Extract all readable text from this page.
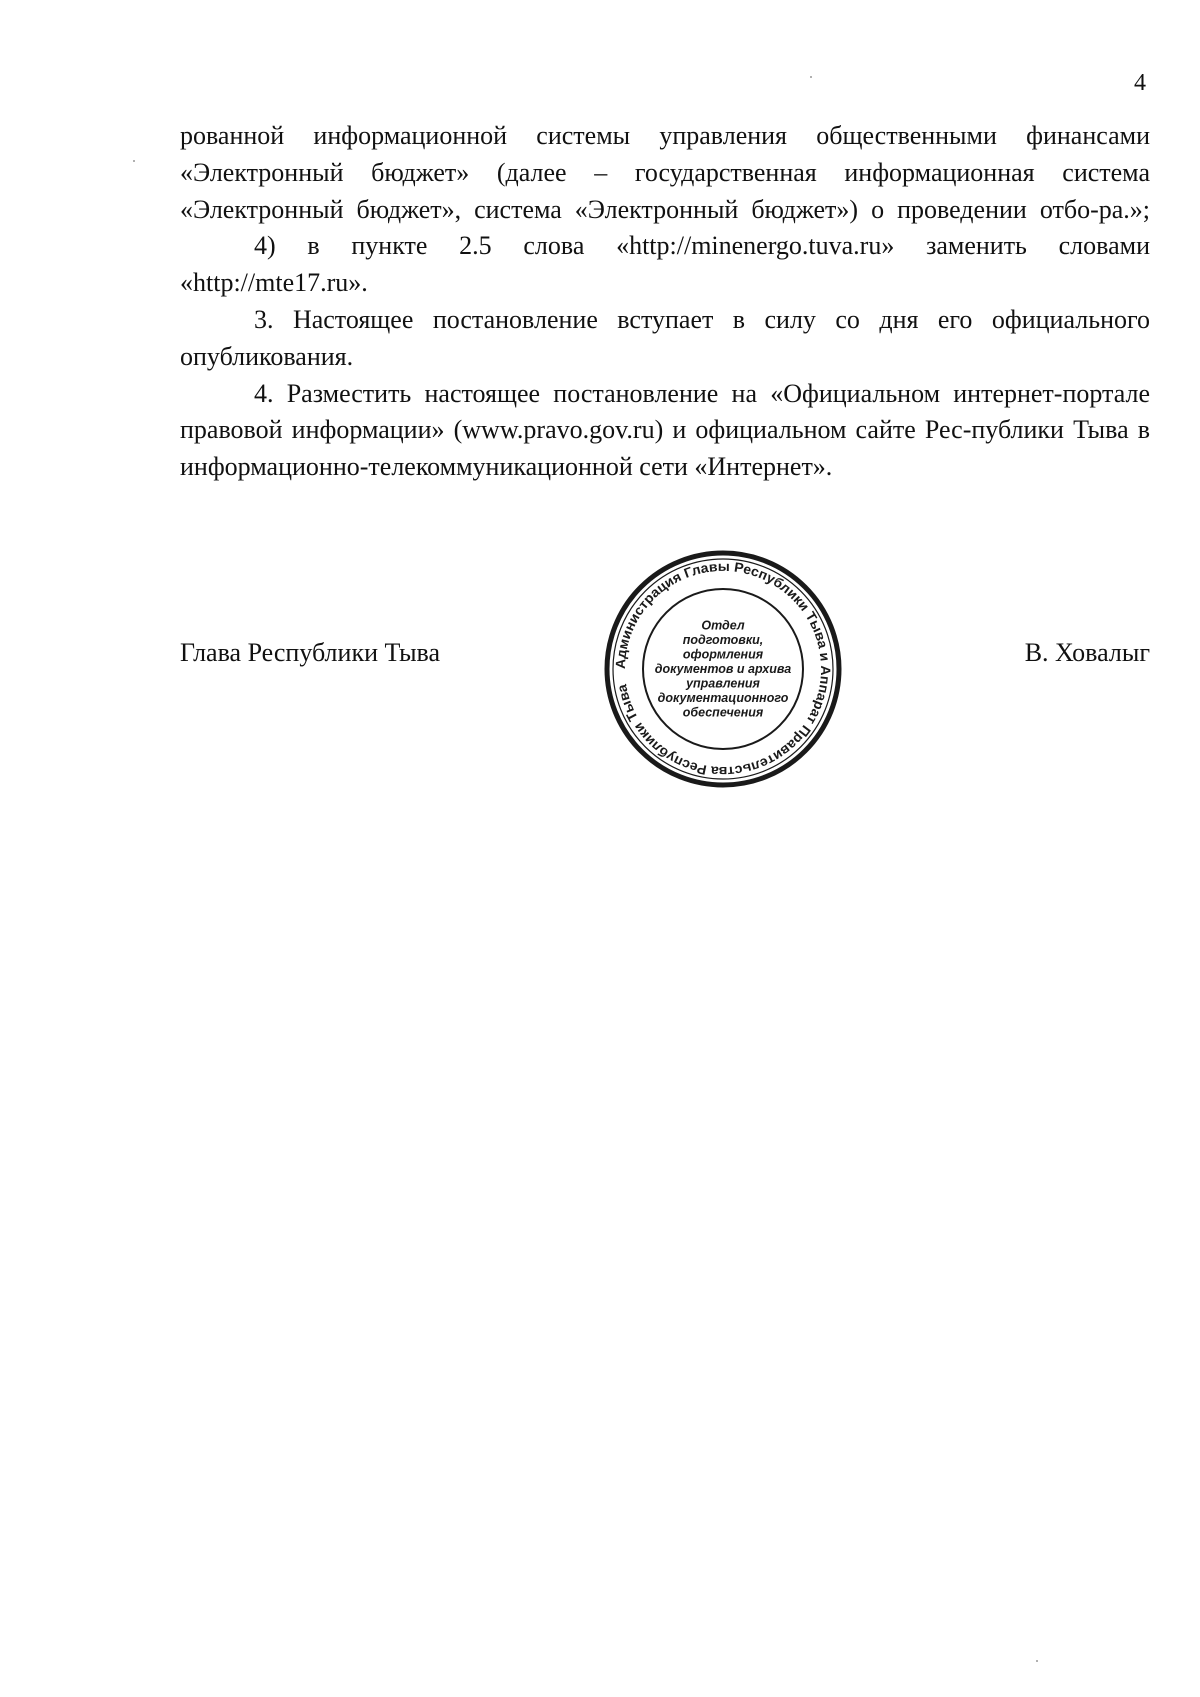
4

рованной информационной системы управления общественными финансами «Электронный бюджет» (далее – государственная информационная система «Электронный бюджет», система «Электронный бюджет») о проведении отбо-ра.»;

4) в пункте 2.5 слова «http://minenergo.tuva.ru» заменить словами «http://mte17.ru».

3. Настоящее постановление вступает в силу со дня его официального опубликования.

4. Разместить настоящее постановление на «Официальном интернет-портале правовой информации» (www.pravo.gov.ru) и официальном сайте Рес-публики Тыва в информационно-телекоммуникационной сети «Интернет».

Глава Республики Тыва	В. Ховалыг
Администрация Главы Республики Тыва и Аппарат Правительства Республики Тыва
Отдел
подготовки,
оформления
документов и архива
управления
документационного
обеспечения
